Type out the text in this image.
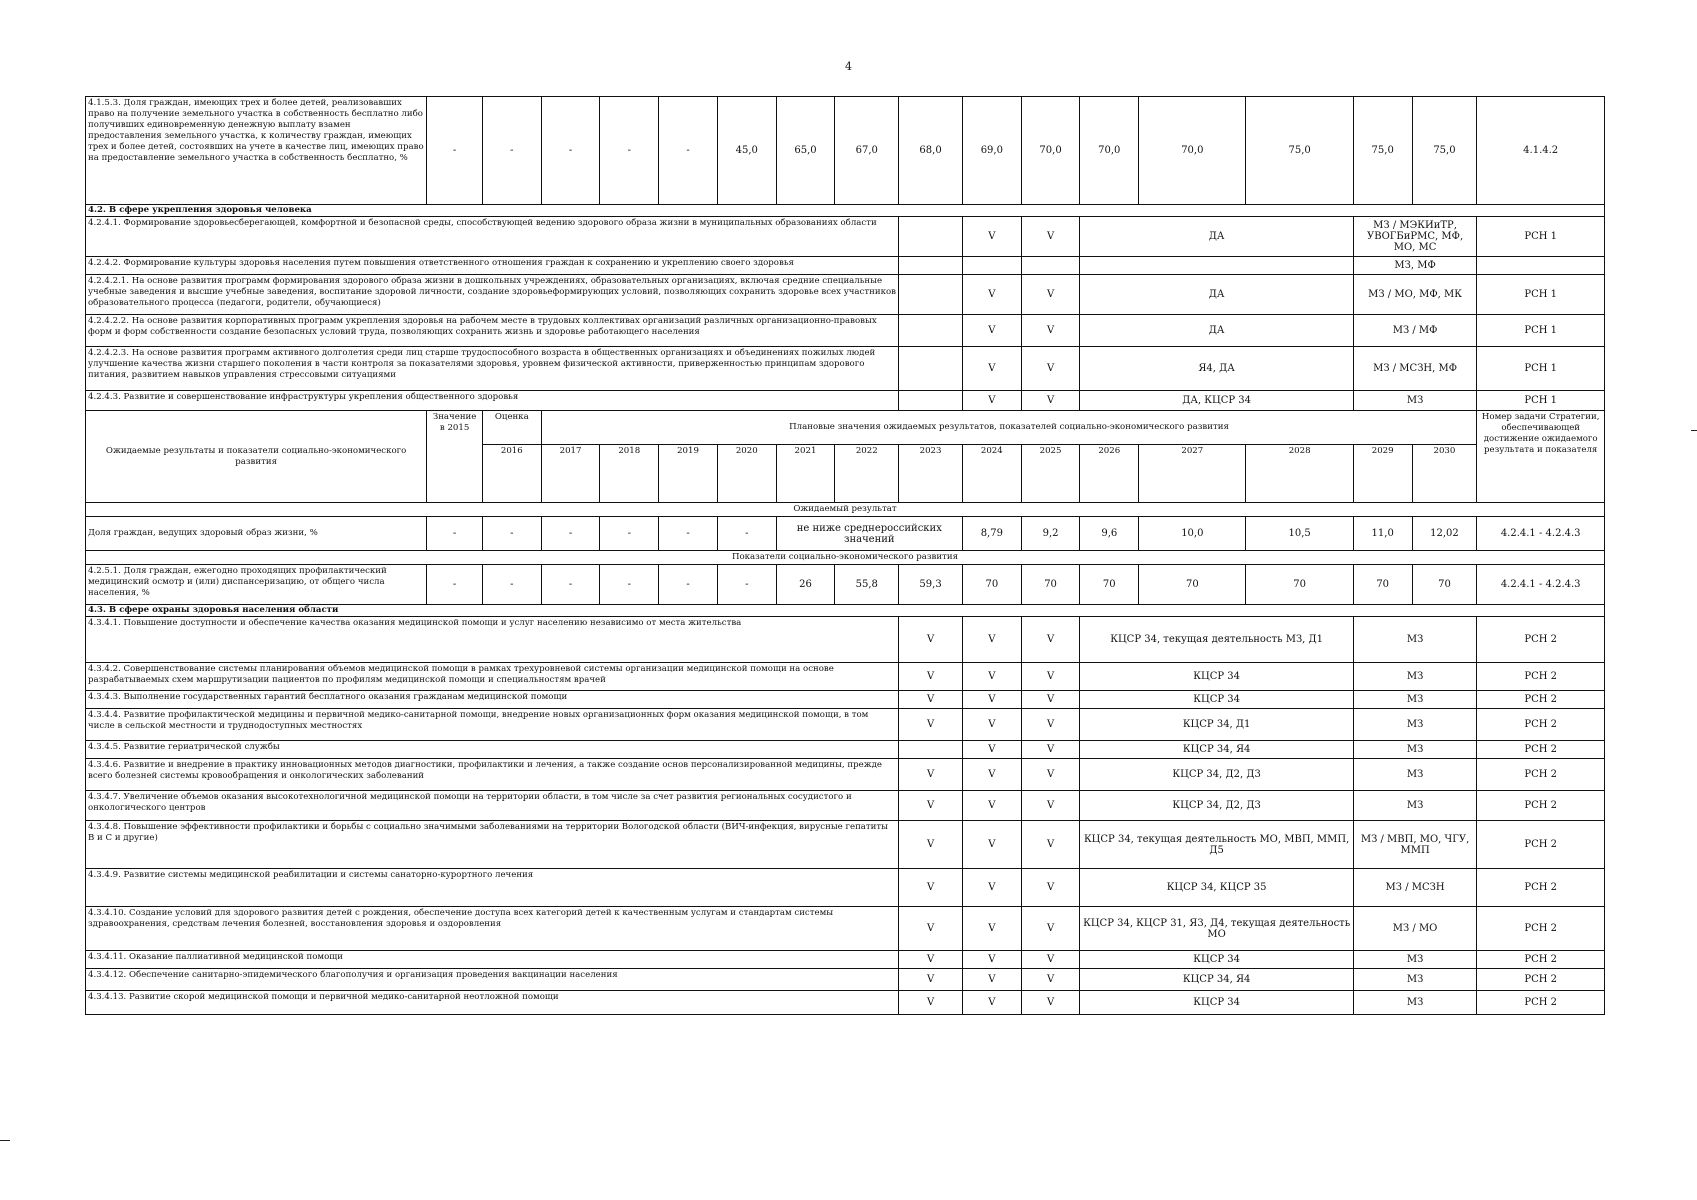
4
4.1.5.3. Доля граждан, имеющих трех и более детей, реализовавших право на получение земельного участка в собственность бесплатно либо получивших единовременную денежную выплату взамен предоставления земельного участка, к количеству граждан, имеющих трех и более детей, состоявших на учете в качестве лиц, имеющих право на предоставление земельного участка в собственность бесплатно, %	-	-	-	-	-	45,0	65,0	67,0	68,0	69,0	70,0	70,0	70,0	75,0	75,0	75,0	4.1.4.2
4.2. В сфере укрепления здоровья человека																	
4.2.4.1. Формирование здоровьесберегающей, комфортной и безопасной среды, способствующей ведению здорового образа жизни в муниципальных образованиях области										V	V	ДА			МЗ / МЭКИиТР, УВОГБиРМС, МФ, МО, МС		РСН 1
4.2.4.2. Формирование культуры здоровья населения путем повышения ответственного отношения граждан к сохранению и укреплению своего здоровья															МЗ, МФ		
4.2.4.2.1. На основе развития программ формирования здорового образа жизни в дошкольных учреждениях, образовательных организациях, включая средние специальные учебные заведения и высшие учебные заведения, воспитание здоровой личности, создание здоровьеформирующих условий, позволяющих сохранить здоровье всех участников образовательного процесса (педагоги, родители, обучающиеся)										V	V	ДА			МЗ / МО, МФ, МК		РСН 1
4.2.4.2.2. На основе развития корпоративных программ укрепления здоровья на рабочем месте в трудовых коллективах организаций различных организационно-правовых форм и форм собственности создание безопасных условий труда, позволяющих сохранить жизнь и здоровье работающего населения										V	V	ДА			МЗ / МФ		РСН 1
4.2.4.2.3. На основе развития программ активного долголетия среди лиц старше трудоспособного возраста в общественных организациях и объединениях пожилых людей улучшение качества жизни старшего поколения в части контроля за показателями здоровья, уровнем физической активности, приверженностью принципам здорового питания, развитием навыков управления стрессовыми ситуациями										V	V	Я4, ДА			МЗ / МСЗН, МФ		РСН 1
4.2.4.3. Развитие и совершенствование инфраструктуры укрепления общественного здоровья										V	V	ДА, КЦСР 34			МЗ		РСН 1
Ожидаемые результаты и показатели социально-экономического развития	Значение в 2015	Оценка	Плановые значения ожидаемых результатов, показателей социально-экономического развития														Номер задачи Стратегии, обеспечивающей достижение ожидаемого результата и показателя
		2016	2017	2018	2019	2020	2021	2022	2023	2024	2025	2026	2027	2028	2029	2030	
Ожидаемый результат																	
Доля граждан, ведущих здоровый образ жизни, %	-	-	-	-	-	-	не ниже среднероссийских значений			8,79	9,2	9,6	10,0	10,5	11,0	12,02	4.2.4.1 - 4.2.4.3
Показатели социально-экономического развития																	
4.2.5.1. Доля граждан, ежегодно проходящих профилактический медицинский осмотр и (или) диспансеризацию, от общего числа населения, %	-	-	-	-	-	-	26	55,8	59,3	70	70	70	70	70	70	70	4.2.4.1 - 4.2.4.3
4.3. В сфере охраны здоровья населения области																	
4.3.4.1. Повышение доступности и обеспечение качества оказания медицинской помощи и услуг населению независимо от места жительства									V	V	V	КЦСР 34, текущая деятельность МЗ, Д1			МЗ		РСН 2
4.3.4.2. Совершенствование системы планирования объемов медицинской помощи в рамках трехуровневой системы организации медицинской помощи на основе разрабатываемых схем маршрутизации пациентов по профилям медицинской помощи и специальностям врачей									V	V	V	КЦСР 34			МЗ		РСН 2
4.3.4.3. Выполнение государственных гарантий бесплатного оказания гражданам медицинской помощи									V	V	V	КЦСР 34			МЗ		РСН 2
4.3.4.4. Развитие профилактической медицины и первичной медико-санитарной помощи, внедрение новых организационных форм оказания медицинской помощи, в том числе в сельской местности и труднодоступных местностях									V	V	V	КЦСР 34, Д1			МЗ		РСН 2
4.3.4.5. Развитие гериатрической службы										V	V	КЦСР 34, Я4			МЗ		РСН 2
4.3.4.6. Развитие и внедрение в практику инновационных методов диагностики, профилактики и лечения, а также создание основ персонализированной медицины, прежде всего болезней системы кровообращения и онкологических заболеваний									V	V	V	КЦСР 34, Д2, Д3			МЗ		РСН 2
4.3.4.7. Увеличение объемов оказания высокотехнологичной медицинской помощи на территории области, в том числе за счет развития региональных сосудистого и онкологического центров									V	V	V	КЦСР 34, Д2, Д3			МЗ		РСН 2
4.3.4.8. Повышение эффективности профилактики и борьбы с социально значимыми заболеваниями на территории Вологодской области (ВИЧ-инфекция, вирусные гепатиты В и С и другие)									V	V	V	КЦСР 34, текущая деятельность МО, МВП, ММП, Д5			МЗ / МВП, МО, ЧГУ, ММП		РСН 2
4.3.4.9. Развитие системы медицинской реабилитации и системы санаторно-курортного лечения									V	V	V	КЦСР 34, КЦСР 35			МЗ / МСЗН		РСН 2
4.3.4.10. Создание условий для здорового развития детей с рождения, обеспечение доступа всех категорий детей к качественным услугам и стандартам системы здравоохранения, средствам лечения болезней, восстановления здоровья и оздоровления									V	V	V	КЦСР 34, КЦСР 31, Я3, Д4, текущая деятельность МО			МЗ / МО		РСН 2
4.3.4.11. Оказание паллиативной медицинской помощи									V	V	V	КЦСР 34			МЗ		РСН 2
4.3.4.12. Обеспечение санитарно-эпидемического благополучия и организация проведения вакцинации населения									V	V	V	КЦСР 34, Я4			МЗ		РСН 2
4.3.4.13. Развитие скорой медицинской помощи и первичной медико-санитарной неотложной помощи									V	V	V	КЦСР 34			МЗ		РСН 2
